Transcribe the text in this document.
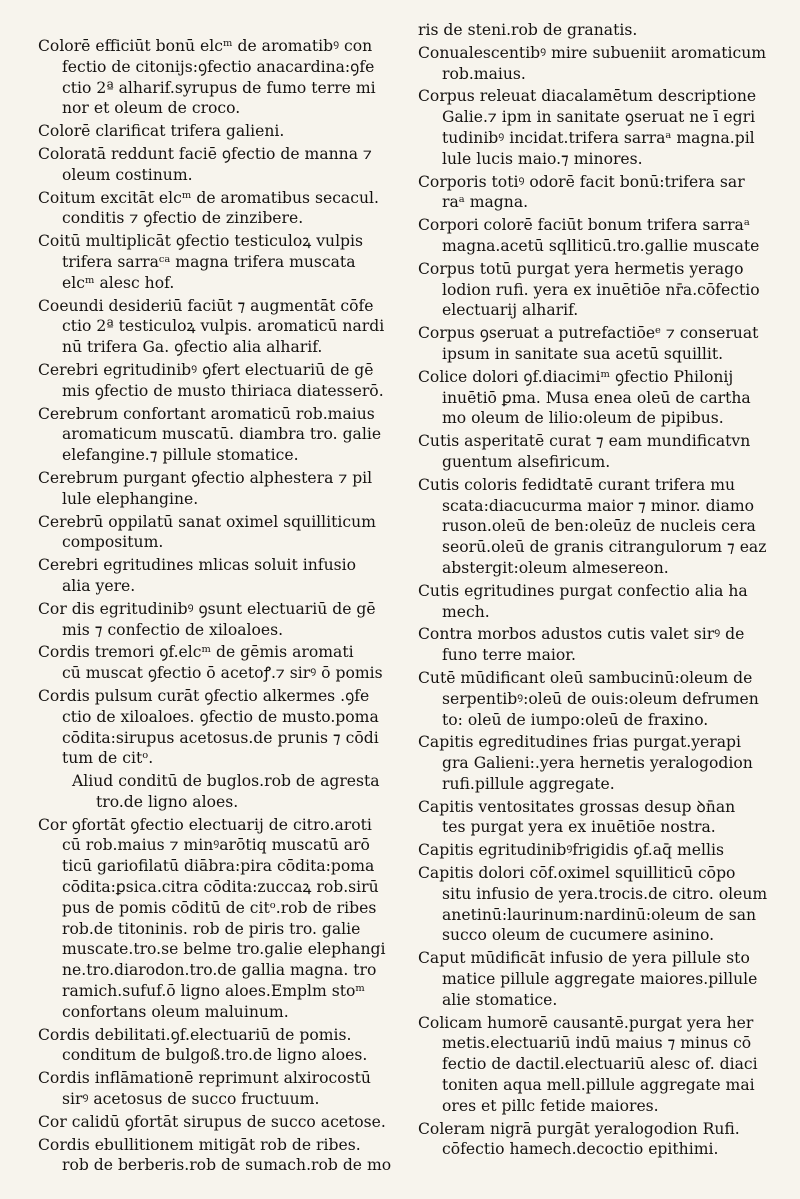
Colorē efficiūt bonū elcᵐ de aromatibꝰ con
fectio de citonijs:ꝯfectio anacardina:ꝯfe
ctio 2ª alharif.syrupus de fumo terre mi
nor et oleum de croco.
Colorē clarificat trifera galieni.
Coloratā reddunt faciē ꝯfectio de manna ⁊
oleum costinum.
Coitum excitāt elcᵐ de aromatibus secacul.
conditis ⁊ ꝯfectio de zinzibere.
Coitū multiplicāt ꝯfectio testiculoꝝ vulpis
trifera sarraᶜᵃ magna trifera muscata
elcᵐ alesc hof.
Coeundi desideriū faciūt ⁊ augmentāt cōfe
ctio 2ª testiculoꝝ vulpis. aromaticū nardi
nū trifera Ga. ꝯfectio alia alharif.
Cerebri egritudinibꝰ ꝯfert electuariū de gē
mis ꝯfectio de musto thiriaca diatesserō.
Cerebrum confortant aromaticū rob.maius
aromaticum muscatū. diambra tro. galie
elefangine.⁊ pillule stomatice.
Cerebrum purgant ꝯfectio alphestera ⁊ pil
lule elephangine.
Cerebrū oppilatū sanat oximel squilliticum
compositum.
Cerebri egritudines mlicas soluit infusio
alia yere.
Cor dis egritudinibꝰ ꝯsunt electuariū de gē
mis ⁊ confectio de xiloaloes.
Cordis tremori ꝯf.elcᵐ de gēmis aromati
cū muscat ꝯfectio ō acetoꝭ.⁊ sirꝰ ō pomis
Cordis pulsum curāt ꝯfectio alkermes .ꝯfe
ctio de xiloaloes. ꝯfectio de musto.poma
cōdita:sirupus acetosus.de prunis ⁊ cōdi
tum de citᵒ.
Aliud conditū de buglos.rob de agresta
tro.de ligno aloes.
Cor ꝯfortāt ꝯfectio electuarij de citro.aroti
cū rob.maius ⁊ minꝰarōtiq muscatū arō
ticū gariofilatū diābra:pira cōdita:poma
cōdita:ꝑsica.citra cōdita:zuccaꝝ rob.sirū
pus de pomis cōditū de citᵒ.rob de ribes
rob.de titoninis. rob de piris tro. galie
muscate.tro.se belme tro.galie elephangi
ne.tro.diarodon.tro.de gallia magna. tro
ramich.sufuf.ō ligno aloes.Emplm stoᵐ
confortans oleum maluinum.
Cordis debilitati.ꝯf.electuariū de pomis.
conditum de bulgoß.tro.de ligno aloes.
Cordis inflāmationē reprimunt alxirocostū
sirꝰ acetosus de succo fructuum.
Cor calidū ꝯfortāt sirupus de succo acetose.
Cordis ebullitionem mitigāt rob de ribes.
rob de berberis.rob de sumach.rob de mo
ris de steni.rob de granatis.
Conualescentibꝰ mire subueniit aromaticum
rob.maius.
Corpus releuat diacalamētum descriptione
Galie.⁊ ipm in sanitate ꝯseruat ne ī egri
tudinibꝰ incidat.trifera sarraᵃ magna.pil
lule lucis maio.⁊ minores.
Corporis totiꝰ odorē facit bonū:trifera sar
raᵃ magna.
Corpori colorē faciūt bonum trifera sarraᵃ
magna.acetū sqlliticū.tro.gallie muscate
Corpus totū purgat yera hermetis yerago
lodion rufi. yera ex inuētiōe nr̄a.cōfectio
electuarij alharif.
Corpus ꝯseruat a putrefactiōeᵉ ⁊ conseruat
ipsum in sanitate sua acetū squillit.
Colice dolori ꝯf.diacimiᵐ ꝯfectio Philonij
inuētiō ꝑma. Musa enea oleū de cartha
mo oleum de lilio:oleum de pipibus.
Cutis asperitatē curat ⁊ eam mundificatvn
guentum alsefiricum.
Cutis coloris fedidtatē curant trifera mu
scata:diacucurma maior ⁊ minor. diamo
ruson.oleū de ben:oleūz de nucleis cera
seorū.oleū de granis citrangulorum ⁊ eaz
abstergit:oleum almesereon.
Cutis egritudines purgat confectio alia ha
mech.
Contra morbos adustos cutis valet sirꝰ de
funo terre maior.
Cutē mūdificant oleū sambucinū:oleum de
serpentibꝰ:oleū de ouis:oleum defrumen
to: oleū de iumpo:oleū de fraxino.
Capitis egreditudines frias purgat.yerapi
gra Galieni:.yera hernetis yeralogodion
rufi.pillule aggregate.
Capitis ventositates grossas desup ꝺn̄an
tes purgat yera ex inuētiōe nostra.
Capitis egritudinibꝰfrigidis ꝯf.aq̄ mellis
Capitis dolori cōf.oximel squilliticū cōpo
situ infusio de yera.trocis.de citro. oleum
anetinū:laurinum:nardinū:oleum de san
succo oleum de cucumere asinino.
Caput mūdificāt infusio de yera pillule sto
matice pillule aggregate maiores.pillule
alie stomatice.
Colicam humorē causantē.purgat yera her
metis.electuariū indū maius ⁊ minus cō
fectio de dactil.electuariū alesc of. diaci
toniten aqua mell.pillule aggregate mai
ores et pillc fetide maiores.
Coleram nigrā purgāt yeralogodion Rufi.
cōfectio hamech.decoctio epithimi.
